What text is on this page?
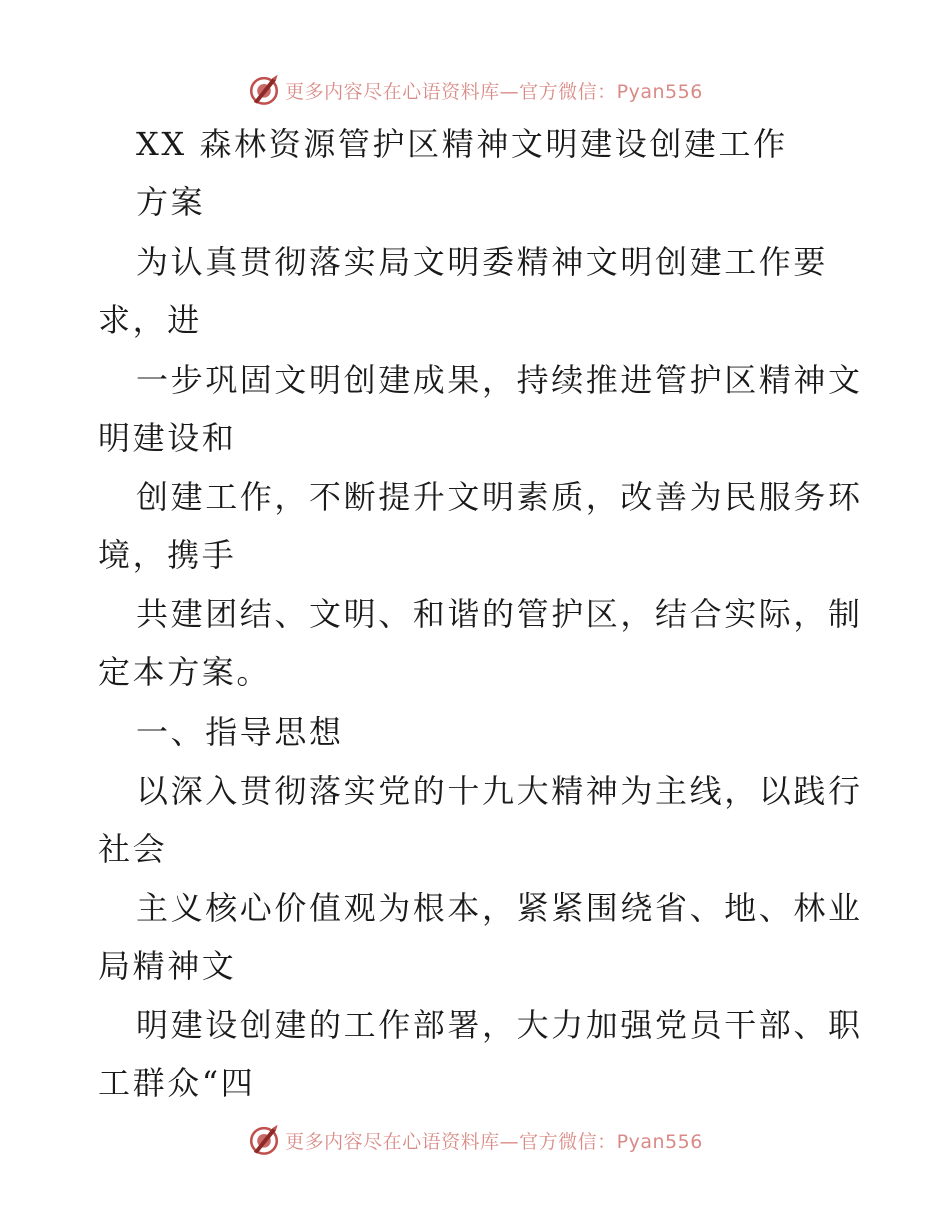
更多内容尽在心语资料库—官方微信：Pyan556
XX 森林资源管护区精神文明建设创建工作
方案
为认真贯彻落实局文明委精神文明创建工作要
求，进
一步巩固文明创建成果，持续推进管护区精神文
明建设和
创建工作，不断提升文明素质，改善为民服务环
境，携手
共建团结、文明、和谐的管护区，结合实际，制
定本方案。
一、指导思想
以深入贯彻落实党的十九大精神为主线，以践行
社会
主义核心价值观为根本，紧紧围绕省、地、林业
局精神文
明建设创建的工作部署，大力加强党员干部、职
工群众“四
更多内容尽在心语资料库—官方微信：Pyan556
